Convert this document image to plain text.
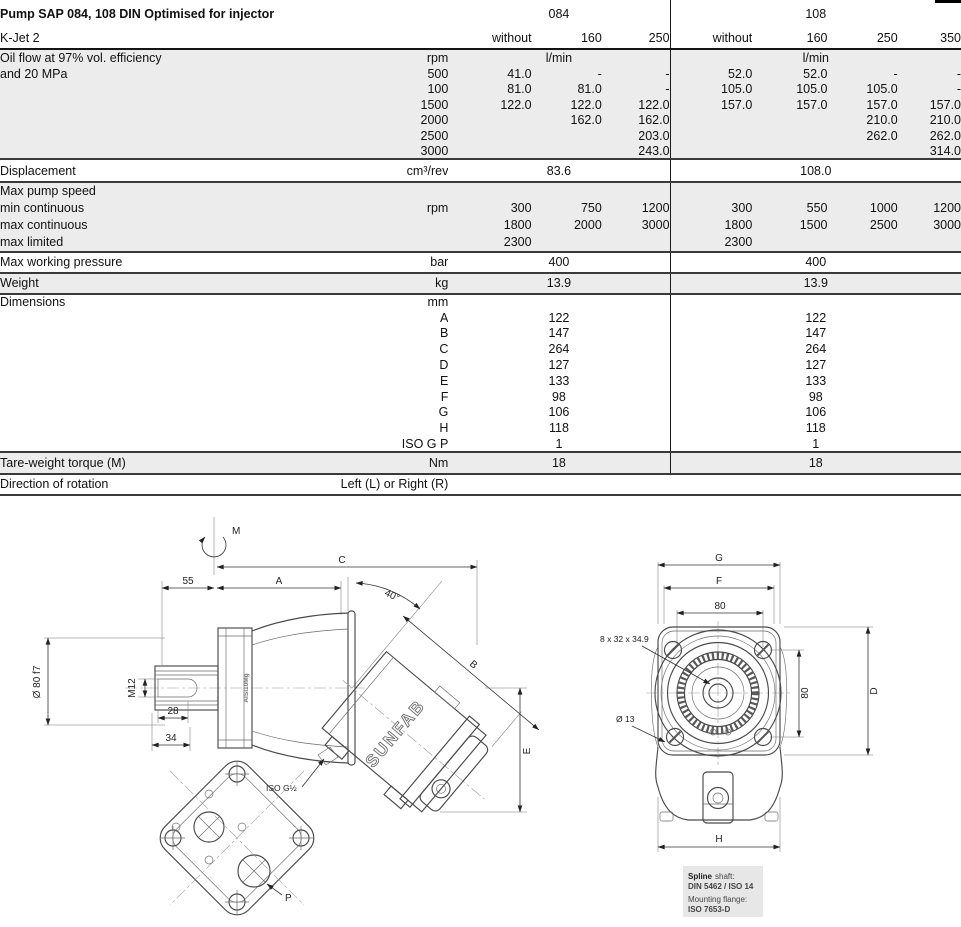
Pump SAP 084, 108 DIN Optimised for injector		084			108			
K-Jet 2		without	160	250	without	160	250	350
Oil flow at 97% vol. efficiency	rpm	l/min			l/min			
and 20 MPa	500	41.0	-	-	52.0	52.0	-	-
	100	81.0	81.0	-	105.0	105.0	105.0	-
	1500	122.0	122.0	122.0	157.0	157.0	157.0	157.0
	2000		162.0	162.0			210.0	210.0
	2500			203.0			262.0	262.0
	3000			243.0				314.0
Displacement	cm³/rev	83.6			108.0			
Max pump speed								
min continuous	rpm	300	750	1200	300	550	1000	1200
max continuous		1800	2000	3000	1800	1500	2500	3000
max limited		2300			2300			
Max working pressure	bar	400			400			
Weight	kg	13.9			13.9			
Dimensions	mm							
	A	122			122			
	B	147			147			
	C	264			264			
	D	127			127			
	E	133			133			
	F	98			98			
	G	106			106			
	H	118			118			
	ISO G P	1			1			
Tare-weight torque (M)	Nm	18			18			
Direction of rotation	Left (L) or Right (R)							
M
C
55	A
40°
Ø 80 f7	M12
28
34
AlSi10Mg
SUNFAB
B
E
ISO G½
P
G
F
80
8 x 32 x 34.9
Ø 13
80	D
H
Spline shaft:
DIN 5462 / ISO 14
Mounting flange:
ISO 7653-D
